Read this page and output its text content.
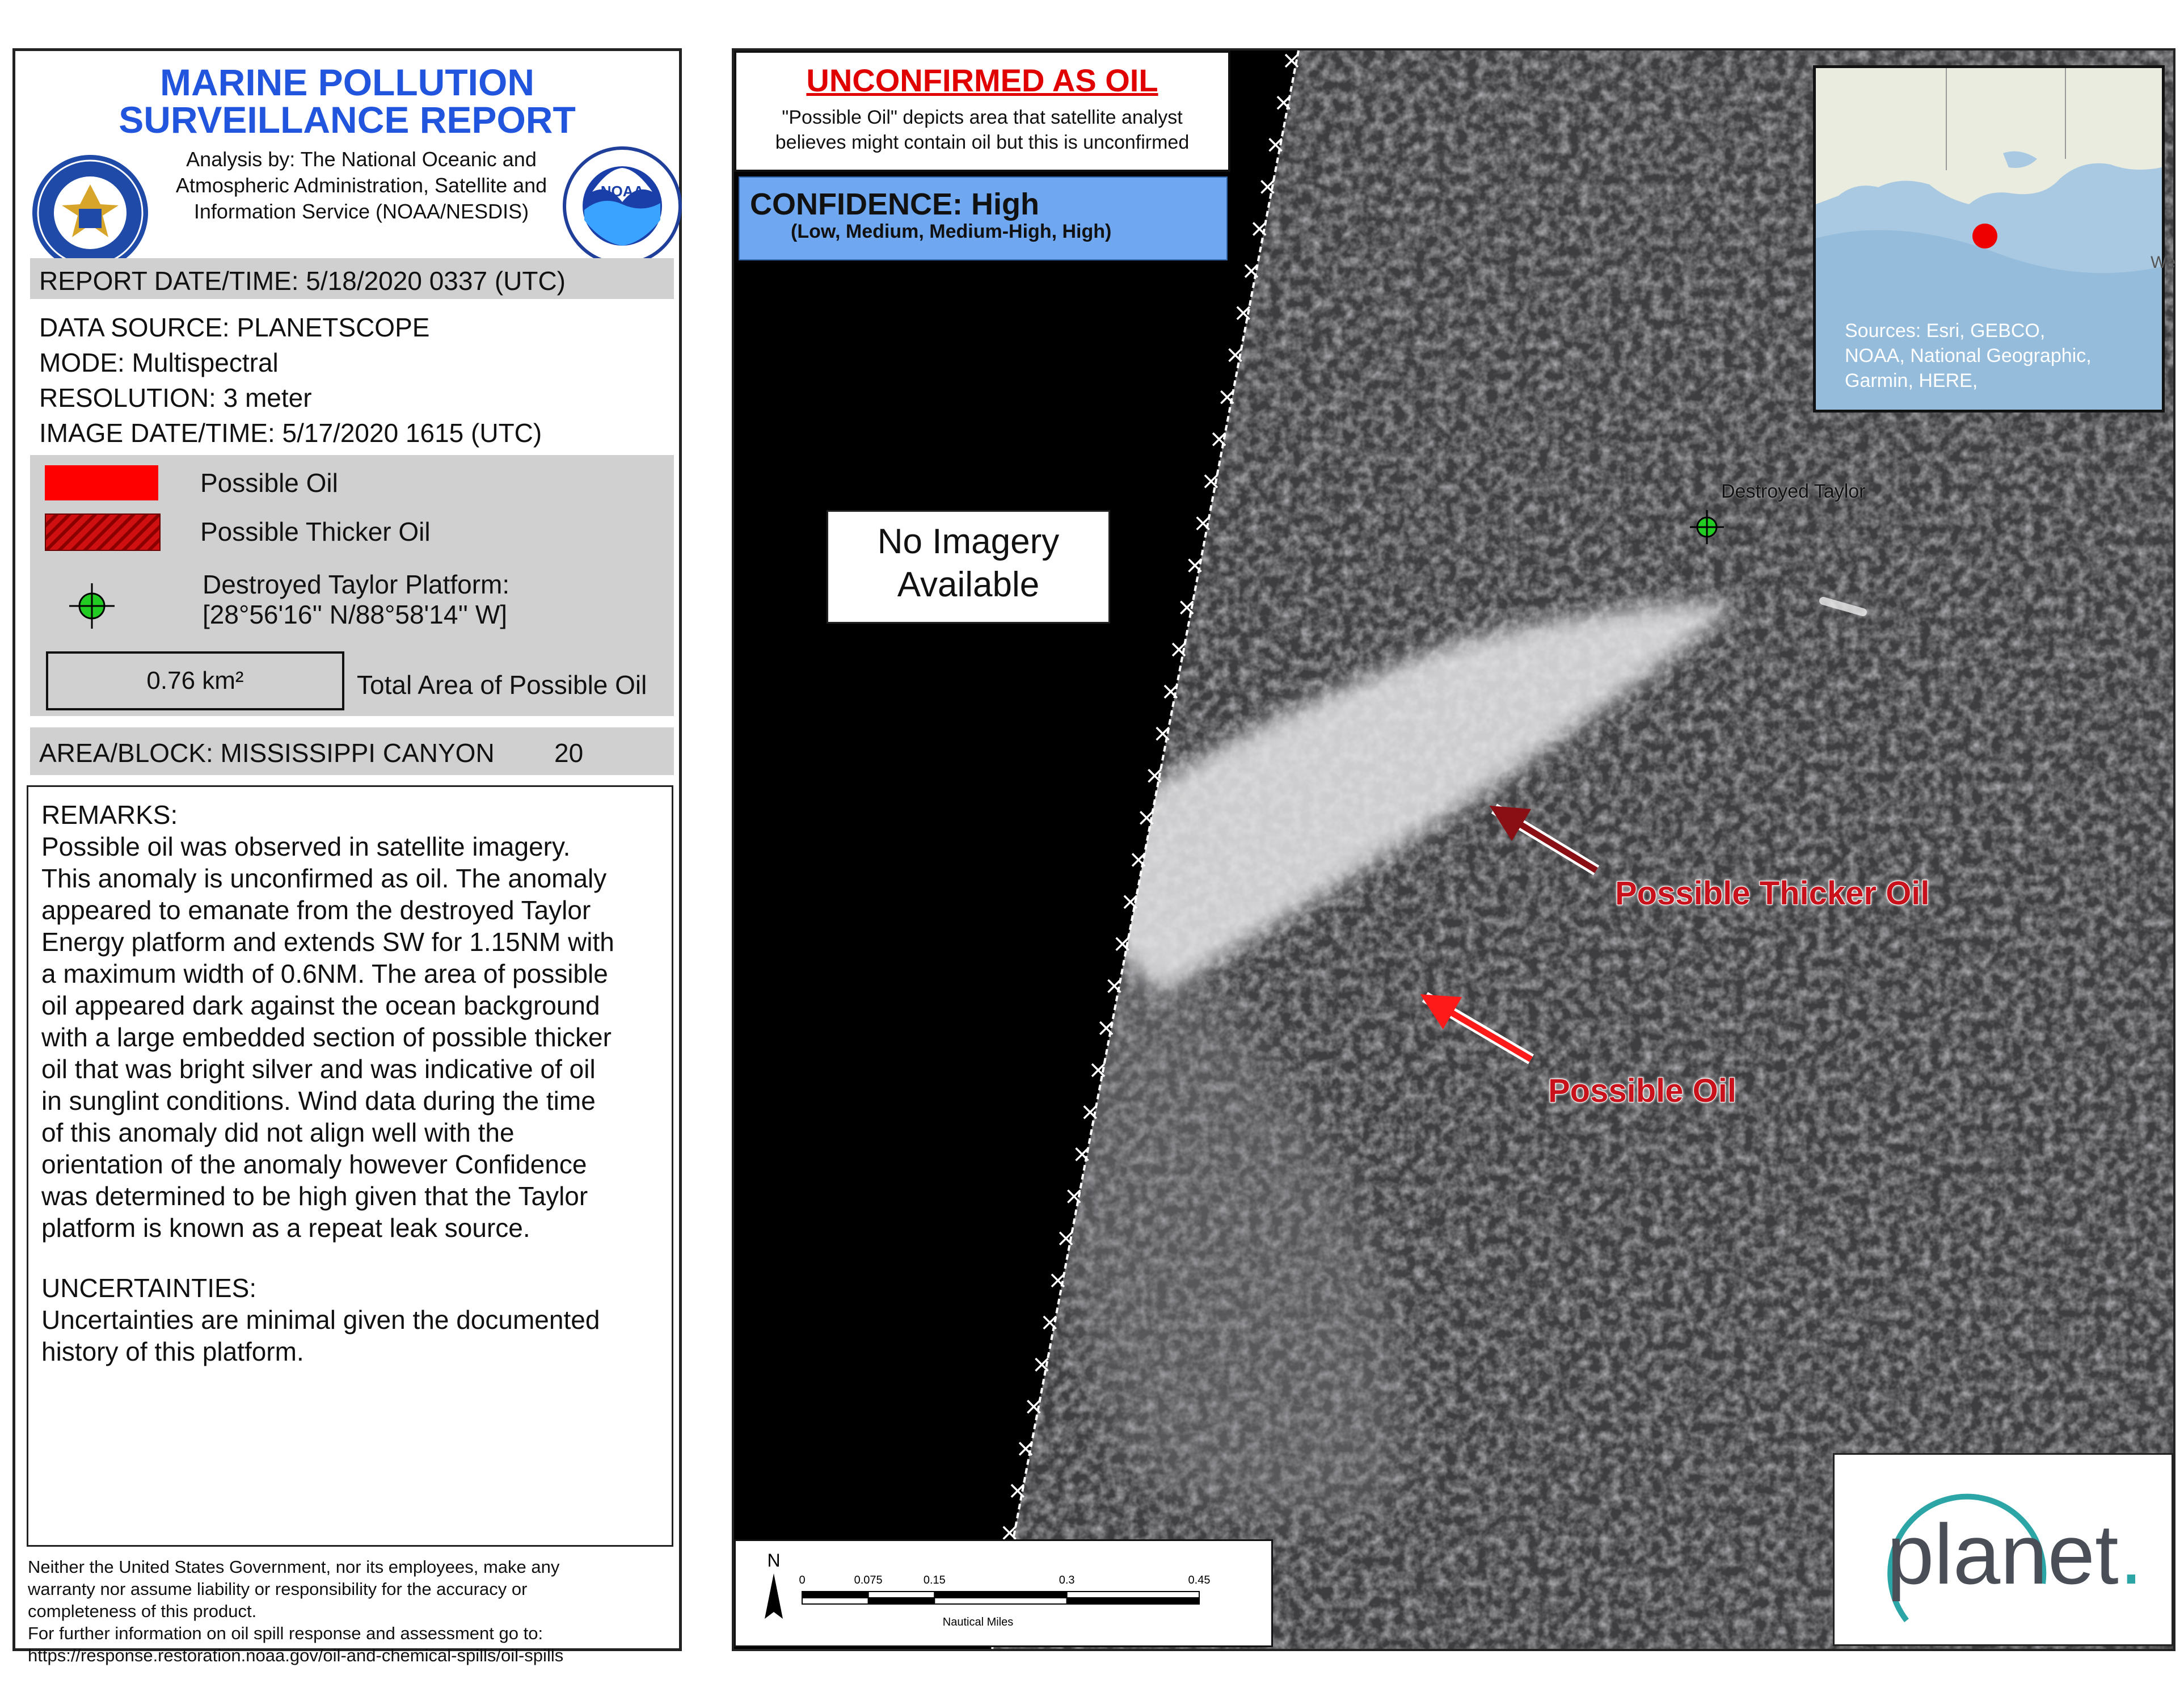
MARINE POLLUTION
SURVEILLANCE REPORT
Analysis by: The National Oceanic and
Atmospheric Administration, Satellite and
Information Service (NOAA/NESDIS)
NOAA
REPORT DATE/TIME: 5/18/2020 0337 (UTC)
DATA SOURCE: PLANETSCOPE
MODE: Multispectral
RESOLUTION: 3 meter
IMAGE DATE/TIME: 5/17/2020 1615 (UTC)
Possible Oil
Possible Thicker Oil
Destroyed Taylor Platform:
[28°56'16'' N/88°58'14'' W]
0.76 km²	Total Area of Possible Oil
AREA/BLOCK: MISSISSIPPI CANYON 20
REMARKS:
Possible oil was observed in satellite imagery.
This anomaly is unconfirmed as oil. The anomaly
appeared to emanate from the destroyed Taylor
Energy platform and extends SW for 1.15NM with
a maximum width of 0.6NM. The area of possible
oil appeared dark against the ocean background
with a large embedded section of possible thicker
oil that was bright silver and was indicative of oil
in sunglint conditions. Wind data during the time
of this anomaly did not align well with the
orientation of the anomaly however Confidence
was determined to be high given that the Taylor
platform is known as a repeat leak source.
UNCERTAINTIES:
Uncertainties are minimal given the documented
history of this platform.
Neither the United States Government, nor its employees, make any
warranty nor assume liability or responsibility for the accuracy or
completeness of this product.
For further information on oil spill response and assessment go to:
https://response.restoration.noaa.gov/oil-and-chemical-spills/oil-spills
UNCONFIRMED AS OIL
"Possible Oil" depicts area that satellite analyst
believes might contain oil but this is unconfirmed
CONFIDENCE: High
(Low, Medium, Medium-High, High)
No Imagery
Available
We
Sources: Esri, GEBCO,
NOAA, National Geographic,
Garmin, HERE,
Destroyed Taylor
Possible Thicker Oil
Possible Oil
N
0	0.075	0.15	0.3	0.45
Nautical Miles
planet .
